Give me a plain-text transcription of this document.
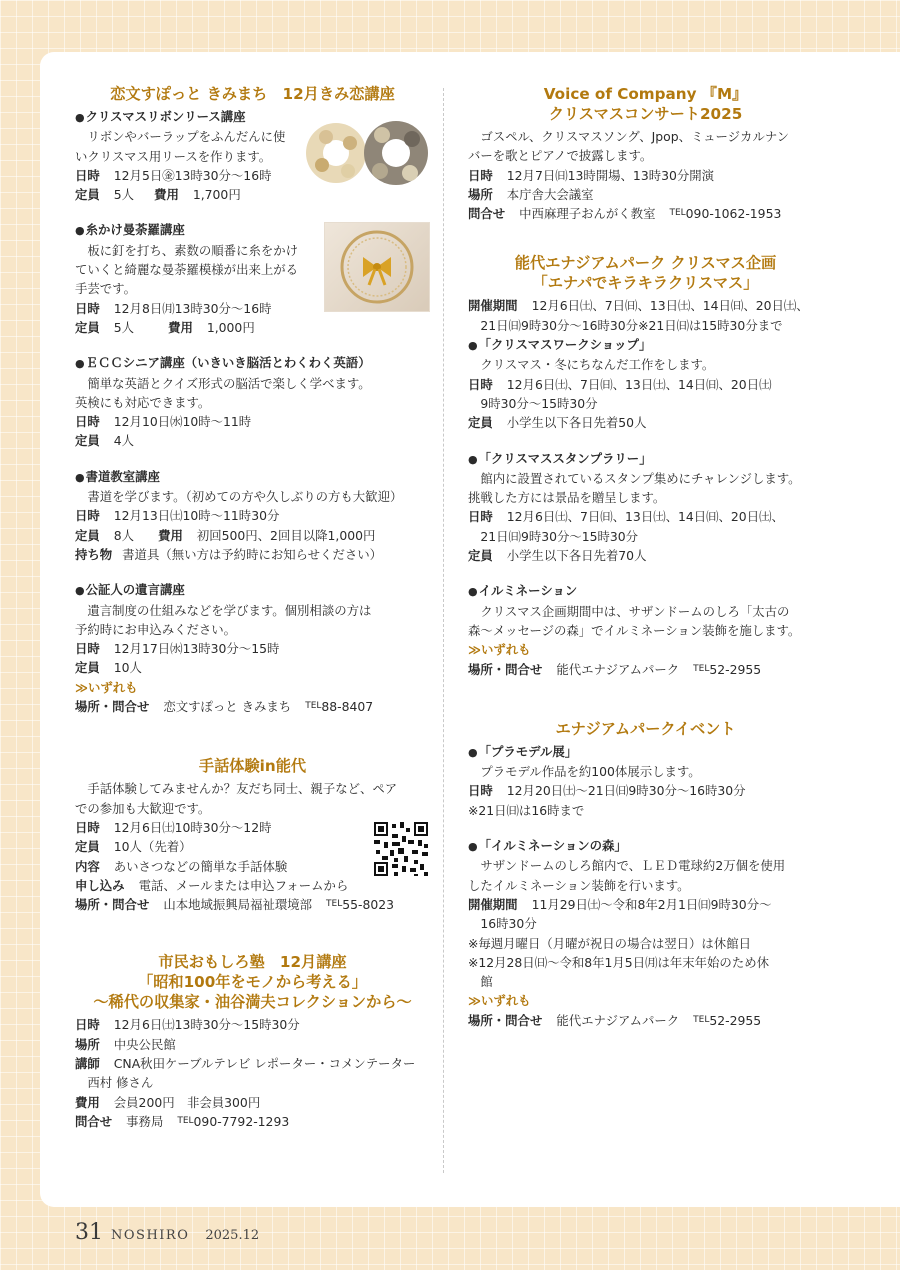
恋文すぽっと きみまち　12月きみ恋講座
● クリスマスリボンリース講座
リボンやバーラップをふんだんに使
いクリスマス用リースを作ります。
日時 12月5日㊎13時30分～16時
定員 5人 費用 1,700円
● 糸かけ曼荼羅講座
板に釘を打ち、素数の順番に糸をかけ
ていくと綺麗な曼荼羅模様が出来上がる
手芸です。
日時 12月8日㈪13時30分～16時
定員 5人	費用 1,000円
● ＥＣＣシニア講座（いきいき脳活とわくわく英語）
簡単な英語とクイズ形式の脳活で楽しく学べます。
英検にも対応できます。
日時 12月10日㈬10時～11時
定員 4人
● 書道教室講座
書道を学びます。（初めての方や久しぶりの方も大歓迎）
日時 12月13日㈯10時～11時30分
定員 8人 費用 初回500円、2回目以降1,000円
持ち物 書道具（無い方は予約時にお知らせください）
● 公証人の遺言講座
遺言制度の仕組みなどを学びます。個別相談の方は
予約時にお申込みください。
日時 12月17日㈬13時30分～15時
定員 10人
≫ いずれも
場所・問合せ 恋文すぽっと きみまち TEL 88-8407
手話体験in能代
手話体験してみませんか？友だち同士、親子など、ペア
での参加も大歓迎です。
日時 12月6日㈯10時30分～12時
定員 10人（先着）
内容 あいさつなどの簡単な手話体験
申し込み 電話、メールまたは申込フォームから
場所・問合せ 山本地域振興局福祉環境部 TEL 55-8023
市民おもしろ塾　12月講座
「昭和100年をモノから考える」
～稀代の収集家・油谷満夫コレクションから～
日時 12月6日㈯13時30分～15時30分
場所 中央公民館
講師 CNA秋田ケーブルテレビ レポーター・コメンテーター
西村 修さん
費用 会員200円　非会員300円
問合せ 事務局 TEL 090-7792-1293
Voice of Company 『M』
クリスマスコンサート2025
ゴスペル、クリスマスソング、Jpop、ミュージカルナン
バーを歌とピアノで披露します。
日時 12月7日㈰13時開場、13時30分開演
場所 本庁舎大会議室
問合せ 中西麻理子おんがく教室 TEL 090-1062-1953
能代エナジアムパーク クリスマス企画
「エナパでキラキラクリスマス」
開催期間 12月6日㈯、7日㈰、13日㈯、14日㈰、20日㈯、
21日㈰9時30分～16時30分※21日㈰は15時30分まで
● 「クリスマスワークショップ」
クリスマス・冬にちなんだ工作をします。
日時 12月6日㈯、7日㈰、13日㈯、14日㈰、20日㈯
9時30分～15時30分
定員 小学生以下各日先着50人
● 「クリスマススタンプラリー」
館内に設置されているスタンプ集めにチャレンジします。
挑戦した方には景品を贈呈します。
日時 12月6日㈯、7日㈰、13日㈯、14日㈰、20日㈯、
21日㈰9時30分～15時30分
定員 小学生以下各日先着70人
● イルミネーション
クリスマス企画期間中は、サザンドームのしろ「太古の
森～メッセージの森」でイルミネーション装飾を施します。
≫ いずれも
場所・問合せ 能代エナジアムパーク TEL 52-2955
エナジアムパークイベント
● 「プラモデル展」
プラモデル作品を約100体展示します。
日時 12月20日㈯～21日㈰9時30分～16時30分
※21日㈰は16時まで
● 「イルミネーションの森」
サザンドームのしろ館内で、ＬＥＤ電球約2万個を使用
したイルミネーション装飾を行います。
開催期間 11月29日㈯～令和8年2月1日㈰9時30分～
16時30分
※毎週月曜日（月曜が祝日の場合は翌日）は休館日
※12月28日㈰～令和8年1月5日㈪は年末年始のため休
館
≫ いずれも
場所・問合せ 能代エナジアムパーク TEL 52-2955
31 NOSHIRO 2025.12
